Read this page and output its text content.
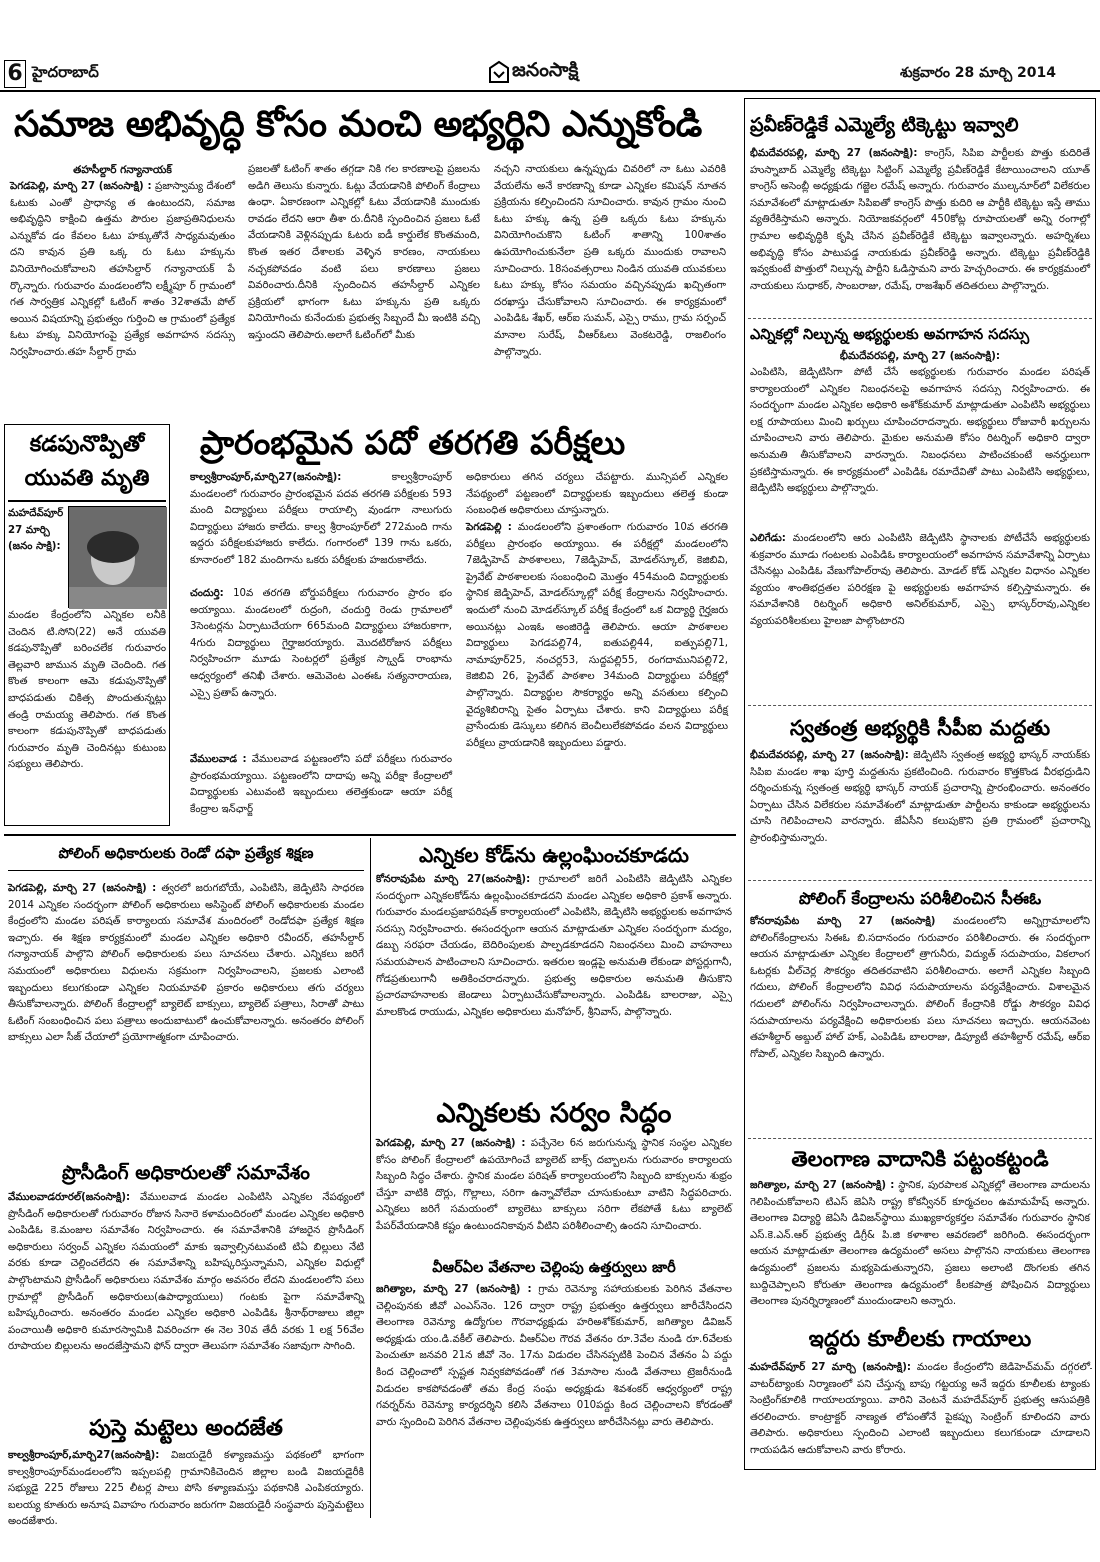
6 హైదరాబాద్	జనంసాక్షి	శుక్రవారం 28 మార్చి 2014
సమాజ అభివృద్ధి కోసం మంచి అభ్యర్థిని ఎన్నుకోండి
తహసీల్దార్ గన్యానాయక్

పెగడపెల్లి, మార్చి 27 (జనంసాక్షి) : ప్రజాస్వామ్య దేశంలో ఓటుకు ఎంతో ప్రాధాన్య త ఉంటుందని, సమాజ అభివృద్ధిని కాక్షించి ఉత్తమ పౌరుల ప్రజాప్రతినిధులను ఎన్నుకోవ డం కేవలం ఓటు హక్కుతోనే సాధ్యమవుతుం దని కావున ప్రతి ఒక్క రు ఓటు హక్కును వినియోగించుకోవాలని తహసిల్దార్ గన్యానాయక్ పే ర్కొన్నారు. గురువారం మండలంలోని లక్ష్మీపూ ర్ గ్రామంలో గత సార్వత్రిక ఎన్నికల్లో ఓటింగ్ శాతం 32శాతమే పోల్ అయిన విషయాన్ని ప్రభుత్వం గుర్తించి ఆ గ్రామంలో ప్రత్యేక ఓటు హక్కు వినియోగంపై ప్రత్యేక అవగాహన సదస్సు నిర్వహించారు.తహ సీల్దార్ గ్రామ

ప్రజలతో ఓటింగ్ శాతం తగ్గడా నికి గల కారణాలపై ప్రజలను అడిగి తెలుసు కున్నారు. ఓట్లు వేయడానికి పోలింగ్ కేంద్రాలు ఉంధా. ఏకారణంగా ఎన్నికల్లో ఓటు వేయడానికి ముందుకు రావడం లేదని ఆరా తీశా రు.దీనికి స్పందించిన ప్రజలు ఓటే వేయడానికి వెళ్లినప్పుడు ఓటరు ఐడీ కార్డులేక కొంతమంది, కొంత ఇతర దేశాలకు వెళ్ళిన కారణం, నాయకులు నచ్చకపోవడం వంటి పలు కారణాలు ప్రజలు వివరించారు.దీనికి స్పందించిన తహసీల్దార్ ఎన్నికల ప్రక్రియలో భాగంగా ఓటు హక్కును ప్రతి ఒక్కరు వినియోగించు కునేందుకు ప్రభుత్వ సిబ్బందే మీ ఇంటికి వచ్చి ఇస్తుందని తెలిపారు.అలాగే ఓటింగ్‌లో మీకు

నచ్చని నాయకులు ఉన్నప్పుడు చివరిలో నా ఓటు ఎవరికి వేయలేను అనే కారణాన్ని కూడా ఎన్నికల కమిషన్ నూతన ప్రక్రియను కల్పించిందని సూచించారు. కావున గ్రామం నుంచి ఓటు హక్కు ఉన్న ప్రతి ఒక్కరు ఓటు హక్కును వినియోగించుకొని ఓటింగ్ శాతాన్ని 100శాతం ఉపయోగించుకునేలా ప్రతి ఒక్కరు ముందుకు రావాలని సూచించారు. 18సంవత్సరాలు నిండిన యువతి యువకులు ఓటు హక్కు కోసం సమయం వచ్చినప్పుడు ఖచ్చితంగా దరఖాస్తు చేసుకోవాలని సూచించారు. ఈ కార్యక్రమంలో ఎంపిడిఓ శేఖర్, ఆర్ఐ సుమన్, ఎస్సై రాము, గ్రామ సర్పంచ్ మానాల సురేష్, వీఆర్ఓలు వెంకటరెడ్డి, రాజలింగం పాల్గొన్నారు.

ప్రవీణ్‌రెడ్డికే ఎమ్మెల్యే టిక్కెట్టు ఇవ్వాలి

భీమదేవరపల్లి, మార్చి 27 (జనంసాక్షి): కాంగ్రెస్, సిపిఐ పార్టీలకు పొత్తు కుదిరితే హుస్నాబాద్ ఎమ్మెల్యే టిక్కెట్టు సిట్టింగ్ ఎమ్మెల్యే ప్రవీణ్‌రెడ్డికే కేటాయించాలని యూత్ కాంగ్రెస్ అసెంబ్లీ అధ్యక్షుడు గజ్జెల రమేష్ అన్నారు. గురువారం ముల్కనూర్‌లో విలేకరుల సమావేశంలో మాట్లాడుతూ సిపిఐతో కాంగ్రెస్ పొత్తు కుదిరి ఆ పార్టీకి టిక్కెట్టు ఇస్తే తాము వ్యతిరేకిస్తామని అన్నారు. నియోజకవర్గంలో 450కోట్ల రూపాయలతో అన్ని రంగాల్లో గ్రామాల అభివృద్ధికి కృషి చేసిన ప్రవీణ్‌రెడ్డికే టిక్కెట్టు ఇవ్వాలన్నారు. అహర్నిశలు అభివృద్ధి కోసం పాటుపడ్డ నాయకుడు ప్రవీణ్‌రెడ్డి అన్నారు. టిక్కెట్టు ప్రవీణ్‌రెడ్డికి ఇవ్వకుంటే పొత్తులో నిల్చున్న పార్టీని ఓడిస్తామని వారు హెచ్చరించారు. ఈ కార్యక్రమంలో నాయకులు సుధాకర్, సాంబరాజు, రమేష్, రాజశేఖర్ తదితరులు పాల్గొన్నారు.

ఎన్నికల్లో నిల్చున్న అభ్యర్థులకు అవగాహన సదస్సు
భీమదేవరపల్లి, మార్చి 27 (జనంసాక్షి):

ఎంపిటిసి, జెడ్పిటిసిగా పోటీ చేసే అభ్యర్థులకు గురువారం మండల పరిషత్ కార్యాలయంలో ఎన్నికల నిబంధనలపై అవగాహన సదస్సు నిర్వహించారు. ఈ సందర్భంగా మండల ఎన్నికల అధికారి అశోక్‌కుమార్ మాట్లాడుతూ ఎంపిటిసి అభ్యర్థులు లక్ష రూపాయలు మించి ఖర్చులు చూపించరాదన్నారు. అభ్యర్థులు రోజువారీ ఖర్చులను చూపించాలని వారు తెలిపారు. మైకుల అనుమతి కోసం రిటర్నింగ్ అధికారి ద్వారా అనుమతి తీసుకోవాలని వారన్నారు. నిబంధనలు పాటించకుంటే అనర్హులుగా ప్రకటిస్తామన్నారు. ఈ కార్యక్రమంలో ఎంపిడిఓ రమాదేవితో పాటు ఎంపిటిసి అభ్యర్థులు, జెడ్పిటిసి అభ్యర్థులు పాల్గొన్నారు.

ఎలిగేడు: మండలంలోని ఆరు ఎంపిటిసి జెడ్పిటిసి స్థానాలకు పోటీచేసే అభ్యర్థులకు శుక్రవారం మూడు గంటలకు ఎంపిడిఓ కార్యాలయంలో అవగాహన సమావేశాన్ని ఏర్పాటు చేసినట్లు ఎంపిడిఓ వేణుగోపాల్‌రావు తెలిపారు. మోడల్ కోడ్ ఎన్నికల విధానం ఎన్నికల వ్యయం శాంతిభద్రతల పరిరక్షణ పై అభ్యర్థులకు అవగాహన కల్పిస్తామన్నారు. ఈ సమావేశానికి రిటర్నింగ్ అధికారి అనిల్‌కుమార్, ఎస్సై భాస్కర్‌రావు,ఎన్నికల వ్యయపరిశీలకులు హైలజా పాల్గొంటారని

స్వతంత్ర అభ్యర్థికి సీపీఐ మద్దతు

భీమదేవరపల్లి, మార్చి 27 (జనంసాక్షి): జెడ్పిటిసి స్వతంత్ర అభ్యర్థి భాస్కర్ నాయక్‌కు సిపిఐ మండల శాఖ పూర్తి మద్దతును ప్రకటించింది. గురువారం కొత్తకొండ వీరభద్రుడిని దర్శించుకున్న స్వతంత్ర అభ్యర్థి భాస్కర్ నాయక్ ప్రచారాన్ని ప్రారంభించారు. అనంతరం ఏర్పాటు చేసిన విలేకరుల సమావేశంలో మాట్లాడుతూ పార్టీలను కాకుండా అభ్యర్థులను చూసి గెలిపించాలని వారన్నారు. జేఏసీని కలుపుకొని ప్రతి గ్రామంలో ప్రచారాన్ని ప్రారంభిస్తామన్నారు.

పోలింగ్ కేంద్రాలను పరిశీలించిన సీఈఓ

కోనరావుపేట మార్చి 27 (జనంసాక్షి) మండలంలోని అన్నిగ్రామాలలోని పోలింగ్‌కేంద్రాలను సిఈఓ బి.సదానందం గురువారం పరిశీలించారు. ఈ సందర్భంగా ఆయన మాట్లాడుతూ ఎన్నికల కేంద్రాలలో త్రాగునీరు, విద్యుత్ సదుపాయం, వికలాంగ ఓటర్లకు వీల్‌చెర్ల సౌకర్యం తదితరవాటిని పరిశీలించారు. అలాగే ఎన్నికల సిబ్బంది గదులు, పోలింగ్ కేంద్రాలలోని వివిధ సదుపాయాలను పర్యవేక్షించారు. విశాలమైన గదులలో పోలింగ్‌ను నిర్వహించాలన్నారు. పోలింగ్ కేంద్రానికి రోడ్డు సౌకర్యం వివిధ సదుపాయాలను పర్యవేక్షించి అధికారులకు పలు సూచనలు ఇచ్చారు. ఆయనవెంట తహశీల్దార్ అబ్దుల్ హాల్ హక్, ఎంపిడిఓ బాలరాజు, డిప్యూటీ తహశీల్దార్ రమేష్, ఆర్ఐ గోపాల్, ఎన్నికల సిబ్బంది ఉన్నారు.

తెలంగాణ వాదానికి పట్టంకట్టండి

జగిత్యాల, మార్చి 27 (జనంసాక్షి) : స్థానిక, పురపాలక ఎన్నికల్లో తెలంగాణ వాదులను గెలిపించుకోవాలని టిఎస్ జెఏసి రాష్ట్ర కోకన్వీనర్ కూర్మచలం ఉమామహేష్ అన్నారు. తెలంగాణ విద్యార్థి జెఏసి డివిజన్‌స్థాయి ముఖ్యకార్యకర్తల సమావేశం గురువారం స్థానిక ఎస్.కె.ఎన్.ఆర్ ప్రభుత్వ డిగ్రీ& పి.జి కళాశాల ఆవరణలో జరిగింది. ఈసందర్భంగా ఆయన మాట్లాడుతూ తెలంగాణ ఉద్యమంలో అసలు పాల్గొనని నాయకులు తెలంగాణ ఉద్యమంలో ప్రజలను మభ్యపెడుతున్నారని, ప్రజలు అలాంటి దొంగలకు తగిన బుద్దిచెప్పాలని కోరుతూ తెలంగాణ ఉద్యమంలో కీలకపాత్ర పోషించిన విద్యార్థులు తెలంగాణ పునర్నిర్మాణంలో ముందుండాలని అన్నారు.

ఇద్దరు కూలీలకు గాయాలు

మహదేవ్‌పూర్ 27 మార్చి (జనంసాక్షి): మండల కేంద్రంలోని జెడిహెచ్‌మమ్ దగ్గరలో వాటర్‌ట్యాంకు నిర్మాణంలో పని చేస్తున్న బాపు గట్టయ్య అనే ఇద్దరు కూలీలకు ట్యాంకు సెంట్రింగ్‌కూలికి గాయాలయ్యాయి. వారిని వెంటనే మహదేవ్‌పూర్ ప్రభుత్వ ఆసుపత్రికి తరలించారు. కాంట్రాక్టర్ నాణ్యత లోపంతోనే పైకప్పు సెంట్రింగ్ కూలిందని వారు తెలిపారు. అధికారులు స్పందించి ఎలాంటి ఇబ్బందులు కలుగకుండా చూడాలని గాయపడిన ఆదుకోవాలని వారు కోరారు.

కడపునొప్పితో
యువతి మృతి

మహదేవ్‌పూర్ 27 మార్చి (జనం సాక్షి):

మండల కేంద్రంలోని ఎన్నికల లనీకి చెందిన టి.సోని(22) అనే యువతి కడపునొప్పితో బరించలేక గురువారం తెల్లవారి జామున మృతి చెందింది. గత కొంత కాలంగా ఆమె కడుపునొప్పితో బాధపడుతు చికిత్స పొందుతున్నట్లు తండ్రి రామయ్య తెలిపారు. గత కొంత కాలంగా కడుపునొప్పితో బాధపడుతు గురువారం మృతి చెందినట్లు కుటుంబ సభ్యులు తెలిపారు.

ప్రారంభమైన పదో తరగతి పరీక్షలు

కాల్వశ్రీరాంపూర్,మార్చి27(జనంసాక్షి):	కాల్వశ్రీరాంపూర్ మండలంలో గురువారం ప్రారంభమైన పదవ తరగతి పరీక్షలకు 593 మంది విద్యార్థులు పరీక్షలు రాయాల్సి వుండగా నాలుగురు విద్యార్థులు హాజరు కాలేదు. కాల్వ శ్రీరాంపూర్‌లో 272మంది గాను ఇద్దరు పరీక్షలకుహాజరు కాలేదు. గంగారంలో 139 గాను ఒకరు, కూనారంలో 182 మందిగాను ఒకరు పరీక్షలకు హజరుకాలేదు.

చందుర్తి: 10వ తరగతి బోర్డుపరీక్షలు గురువారం ప్రారం భం అయ్యాయి. మండలంలో రుద్రంగి, చందుర్తి రెండు గ్రామాలలో 3సెంటర్లను ఏర్పాటుచేయగా 665మంది విద్యార్థులు హాజరుకాగా, 4గురు విద్యార్థులు గైర్హాజరయ్యారు. మొదటిరోజున పరీక్షలు నిర్వహించగా మూడు సెంటర్లలో ప్రత్యేక స్క్వాడ్ రాంభాను ఆధ్వర్యంలో తనిఖీ చేశారు. ఆమెవెంట ఎంఈఓ సత్యనారాయణ, ఎస్సై ప్రతాప్ ఉన్నారు.

వేములవాడ : వేములవాడ పట్టణంలోని పదో పరీక్షలు గురువారం ప్రారంభమయ్యాయి. పట్టణంలోని దాదాపు అన్ని పరీక్షా కేంద్రాలలో విద్యార్థులకు ఎటువంటి ఇబ్బందులు తలెత్తకుండా ఆయా పరీక్ష కేంద్రాల ఇన్‌ఛార్జ్

అధికారులు తగిన చర్యలు చేపట్టారు. మున్సిపల్ ఎన్నికల నేపథ్యంలో పట్టణంలో విద్యార్థులకు ఇబ్బందులు తలెత్త కుండా సంబంధిత అధికారులు చూస్తున్నారు.

పెగడపెల్లి : మండలంలోని ప్రశాంతంగా గురువారం 10వ తరగతి పరీక్షలు ప్రారంభం అయ్యాయి. ఈ పరీక్షల్లో మండలంలోని 7జెడ్పిహెచ్ పాఠశాలలు, 7జెడ్పిహెచ్, మోడల్‌స్కూల్, కెజిబివి, ప్రైవేట్ పాఠశాలలకు సంబంధించి మొత్తం 454మంది విద్యార్థులకు స్థానిక జెడ్పిహెచ్, మోడల్‌స్కూల్లో పరీక్ష కేంద్రాలను నిర్వహించారు. ఇందులో నుంచి మోడల్‌స్కూల్ పరీక్ష కేంద్రంలో ఒక విద్యార్థి గైర్హజరు అయినట్లు ఎంఇఓ అంజిరెడ్డి తెలిపారు. ఆయా పాఠశాలల విద్యార్థులు పెగడపల్లి74, ఐతుపల్లి44, ఐత్పుపల్లి71, నామాపూర్25, నంచర్ల53, సుద్దపల్లి55, రంగదామునిపల్లి72, కెజిబివి 26, ప్రైవేట్ పాఠశాల 34మంది విద్యార్థులు పరీక్షల్లో పాల్గొన్నారు. విద్యార్థుల సౌకర్యార్థం అన్ని వసతులు కల్పించి వైద్యశిబిరాన్ని సైతం ఏర్పాటు చేశారు. కాని విద్యార్థులు పరీక్ష వ్రాసేందుకు డెస్కులు కలిగిన బెంచీలులేకపోవడం వలన విద్యార్థులు పరీక్షలు వ్రాయడానికి ఇబ్బందులు పడ్డారు.

పోలింగ్ అధికారులకు రెండో దఫా ప్రత్యేక శిక్షణ

పెగడపెల్లి, మార్చి 27 (జనంసాక్షి) : త్వరలో జరుగబోయే, ఎంపిటిసి, జెడ్పిటిసి సాధరణ 2014 ఎన్నికల సందర్భంగా పోలింగ్ అధికారులు అసిస్టెంట్ పోలింగ్ అధికారులకు మండల కేంద్రంలోని మండల పరిషత్ కార్యాలయ సమావేశ మందిరంలో రెండోదఫా ప్రత్యేక శిక్షణ ఇచ్చారు. ఈ శిక్షణ కార్యక్రమంలో మండల ఎన్నికల అధికారి రవీందర్, తహసీల్దార్ గన్యానాయక్ పాల్గొని పోలింగ్ అధికారులకు పలు సూచనలు చేశారు. ఎన్నికలు జరిగే సమయంలో అధికారులు విధులను సక్రమంగా నిర్వహించాలని, ప్రజలకు ఎలాంటి ఇబ్బందులు కలుగకుండా ఎన్నికల నియమావళి ప్రకారం అధికారులు తగు చర్యలు తీసుకోవాలన్నారు. పోలింగ్ కేంద్రాలల్లో బ్యాలెట్ బాక్సులు, బ్యాలెట్ పత్రాలు, సిరాతో పాటు ఓటింగ్ సంబంధించిన పలు పత్రాలు అందుబాటులో ఉంచుకోవాలన్నారు. అనంతరం పోలింగ్ బాక్సులు ఎలా సీజ్ చేయాలో ప్రయోగాత్మకంగా చూపించారు.

ప్రొసీడింగ్ అధికారులతో సమావేశం

వేములవాడరూరల్(జనంసాక్షి): వేములవాడ మండల ఎంపిటిసి ఎన్నికల నేపథ్యంలో ప్రొసీడింగ్ అధికారులతో గురువారం రోజున సినారె కళామందిరంలో మండల ఎన్నికల అధికారి ఎంపిడిఓ కె.మంజుల సమావేశం నిర్వహించారు. ఈ సమావేశానికి హాజరైన ప్రొసీడింగ్ అధికారులు సర్వంచ్ ఎన్నికల సమయంలో మాకు ఇవ్వాల్సినటువంటి టిఏ బిల్లులు నేటి వరకు కూడా చెల్లించలేదని ఈ సమావేశాన్ని బహిష్కరిస్తున్నామని, ఎన్నికల విధుల్లో పాల్గొంటామని ప్రొసీడింగ్ అధికారులు సమావేశం మార్గం అవసరం లేదని మండలంలోని పలు గ్రామాల్లో ప్రొసీడింగ్ అధికారులు(ఉపాధ్యాయులు) గంటకు పైగా సమావేశాన్ని బహిష్కరించారు. అనంతరం మండల ఎన్నికల అధికారి ఎంపిడిఓ శ్రీనాథ్‌రాజులు జిల్లా పంచాయితీ అధికారి కుమారస్వామికి వివరించగా ఈ నెల 30వ తేదీ వరకు 1 లక్ష 56వేల రూపాయల బిల్లులను అందజేస్తామని ఫోన్ ద్వారా తెలుపగా సమావేశం సజావుగా సాగింది.

పుస్తె మట్టెలు అందజేత

కాల్వశ్రీరాంపూర్,మార్చి27(జనంసాక్షి): విజయడైరీ కళ్యాణమస్తు పథకంలో భాగంగా కాల్వశ్రీరాంపూర్‌మండలంలోని ఇప్పలపల్లి గ్రామానికిచెందిన జిల్లాల బండి విజయడైరీకి సభ్యుడై 225 రోజులు 225 లీటర్ల పాలు పోసి కళ్యాణమస్తు పథకానికి ఎంపికయ్యారు. బలయ్య కూతురు అనూష వివాహం గురువారం జరుగగా విజయడైరీ సంస్థవారు పుస్తెమట్టెలు అందజేశారు.

ఎన్నికల కోడ్‌ను ఉల్లంఘించకూడదు

కోనరావుపేట మార్చి 27(జనంసాక్షి): గ్రామాలలో జరిగే ఎంపిటిసి జెడ్పిటిసి ఎన్నికల సందర్భంగా ఎన్నికలకోడ్‌ను ఉల్లంఘించకూడదని మండల ఎన్నికల అధికారి ప్రకాశ్ అన్నారు. గురువారం మండలప్రజాపరిషత్ కార్యాలయంలో ఎంపిటిసి, జెడ్పిటిసి అభ్యర్థులకు అవగాహన సదస్సు నిర్వహించారు. ఈసందర్భంగా ఆయన మాట్లాడుతూ ఎన్నికల సందర్భంగా మద్యం, డబ్బు సరఫరా చేయడం, బెదిరింపులకు పాల్పడకూడదని నిబంధనలు మించి వాహనాలు సమయపాలన పాటించాలని సూచించారు. ఇతరుల ఇండ్లపై అనుమతి లేకుండా పోస్టర్లుగానీ, గోడప్రతులుగానీ అతికించరాదన్నారు. ప్రభుత్వ అధికారుల అనుమతి తీసుకొని ప్రచారవాహనాలకు జెండాలు ఏర్పాటుచేసుకోవాలన్నారు. ఎంపిడిఓ బాలరాజు, ఎస్సై మాలకొండ రాయుడు, ఎన్నికల అధికారులు మనోహర్, శ్రీనివాస్, పాల్గొన్నారు.

ఎన్నికలకు సర్వం సిద్ధం

పెగడపెల్లి, మార్చి 27 (జనంసాక్షి) : పచ్చేనెల 6న జరుగునున్న స్థానిక సంస్థల ఎన్నికల కోసం పోలింగ్ కేంద్రాలలో ఉపయోగించే బ్యాలెట్ బాక్స్ దబ్బాలను గురువారం కార్యాలయ సిబ్బంది సిద్ధం చేశారు. స్థానిక మండల పరిషత్ కార్యాలయంలోని సిబ్బంది బాక్సులను శుభ్రం చేస్తూ వాటికి దొర్లు, గొల్లాలు, సరిగా ఉన్నావోలేవా చూసుకుంటూ వాటిని సిద్ధపరిచారు. ఎన్నికలు జరిగే సమయంలో బ్యాలెటు బాక్సులు సరిగా లేకపోతే ఓటు బ్యాలెట్ పేపర్‌వేయడానికి కష్టం ఉంటుందనికావున వీటిని పరిశీలించాల్సి ఉందని సూచించారు.

వీఆర్ఏల వేతనాల చెల్లింపు ఉత్తర్వులు జారీ

జగిత్యాల, మార్చి 27 (జనంసాక్షి) : గ్రామ రెవెన్యూ సహాయకులకు పెరిగిన వేతనాల చెల్లింపునకు జీవో ఎంఎస్‌నెం. 126 ద్వారా రాష్ట్ర ప్రభుత్వం ఉత్తర్వులు జారీచేసిందని తెలంగాణ రెవెన్యూ ఉద్యోగుల గౌరవాధ్యక్షుడు హరిఅశోక్‌కుమార్, జగిత్యాల డివిజన్ అధ్యక్షుడు యం.డి.వకీల్ తెలిపారు. వీఆర్ఏల గౌరవ వేతనం రూ.3వేల నుండి రూ.6వేలకు పెంచుతూ జనవరి 21న జీవో నెం. 17ను విడుదల చేసినప్పటికి పెంచిన వేతనం ఏ పద్దు కింద చెల్లించాలో స్పష్టత నివ్వకపోవడంతో గత 3మాసాల నుండి వేతనాలు ట్రెజరీనుండి విడుదల కాకపోవడంతో తమ కేంద్ర సంఘ అధ్యక్షుడు శివశంకర్ ఆధ్వర్యంలో రాష్ట్ర గవర్నర్‌ను రెవెన్యూ కార్యదర్శిని కలిసి వేతనాలు 010పద్దు కింద చెల్లించాలని కోరడంతో వారు స్పందించి పెరిగిన వేతనాల చెల్లింపునకు ఉత్తర్వులు జారీచేసినట్లు వారు తెలిపారు.
